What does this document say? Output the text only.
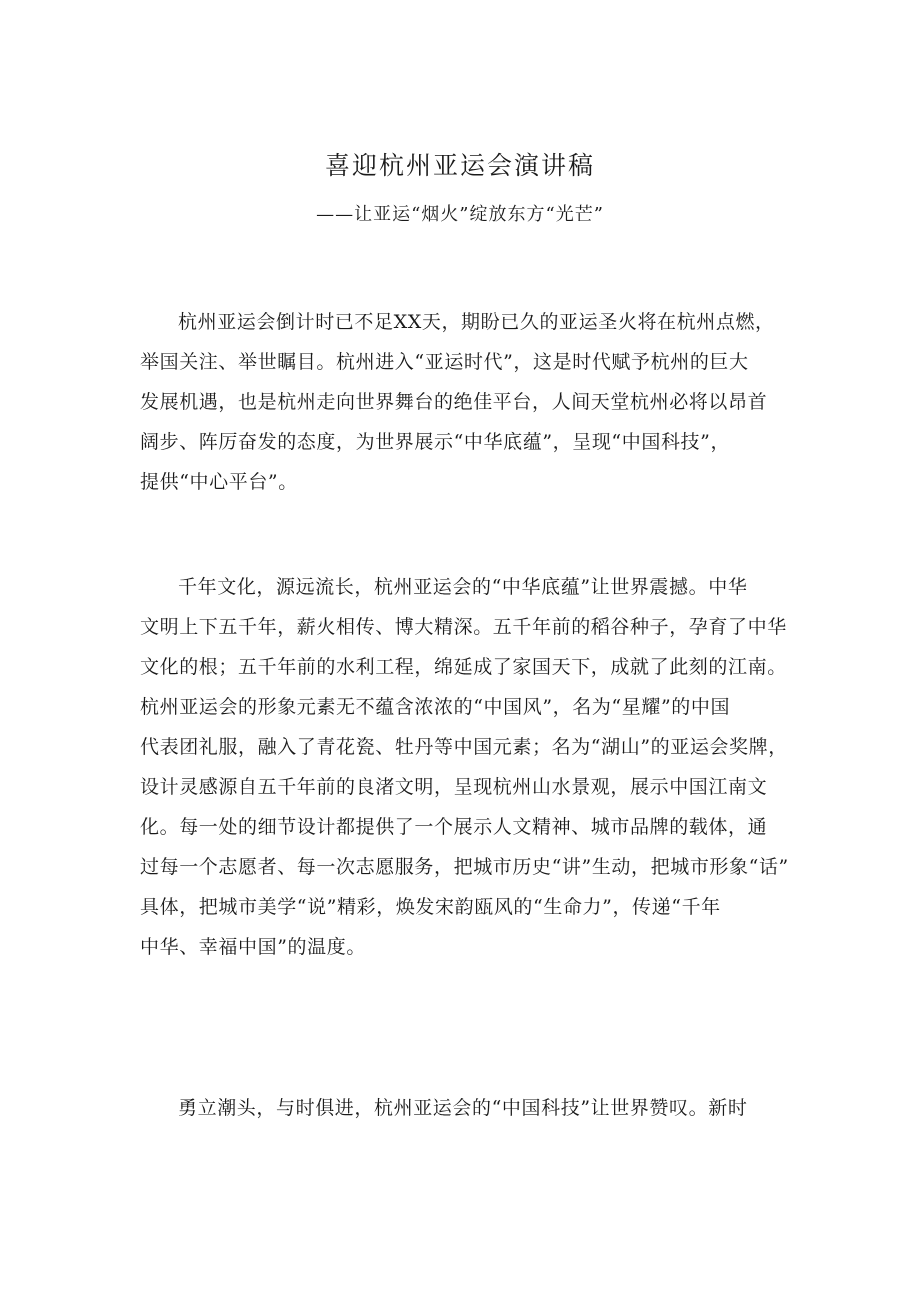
喜迎杭州亚运会演讲稿

——让亚运“烟火”绽放东方“光芒”

杭州亚运会倒计时已不足XX天，期盼已久的亚运圣火将在杭州点燃，
举国关注、举世瞩目。杭州进入“亚运时代”，这是时代赋予杭州的巨大
发展机遇，也是杭州走向世界舞台的绝佳平台，人间天堂杭州必将以昂首
阔步、阵厉奋发的态度，为世界展示“中华底蕴”，呈现“中国科技”，
提供“中心平台”。
千年文化，源远流长，杭州亚运会的“中华底蕴”让世界震撼。中华
文明上下五千年，薪火相传、博大精深。五千年前的稻谷种子，孕育了中华
文化的根；五千年前的水利工程，绵延成了家国天下，成就了此刻的江南。
杭州亚运会的形象元素无不蕴含浓浓的“中国风”，名为“星耀”的中国
代表团礼服，融入了青花瓷、牡丹等中国元素；名为“湖山”的亚运会奖牌，
设计灵感源自五千年前的良渚文明，呈现杭州山水景观，展示中国江南文
化。每一处的细节设计都提供了一个展示人文精神、城市品牌的载体，通
过每一个志愿者、每一次志愿服务，把城市历史“讲”生动，把城市形象“话”
具体，把城市美学“说”精彩，焕发宋韵瓯风的“生命力”，传递“千年
中华、幸福中国”的温度。
勇立潮头，与时俱进，杭州亚运会的“中国科技”让世界赞叹。新时
